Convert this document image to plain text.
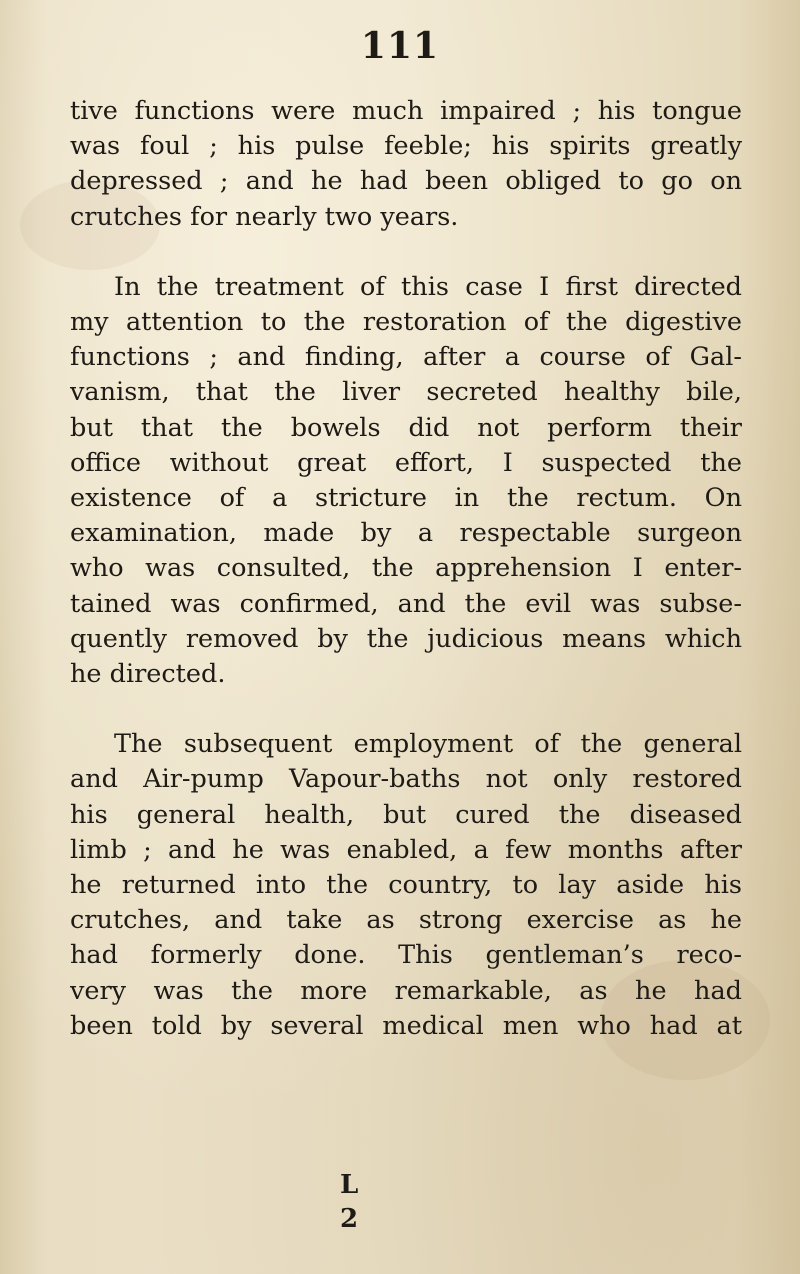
111

tive functions were much impaired ; his tongue
was foul ; his pulse feeble; his spirits greatly
depressed ; and he had been obliged to go on
crutches for nearly two years.

In the treatment of this case I first directed
my attention to the restoration of the digestive
functions ; and finding, after a course of Gal-
vanism, that the liver secreted healthy bile,
but that the bowels did not perform their
office without great effort, I suspected the
existence of a stricture in the rectum. On
examination, made by a respectable surgeon
who was consulted, the apprehension I enter-
tained was confirmed, and the evil was subse-
quently removed by the judicious means which
he directed.

The subsequent employment of the general
and Air-pump Vapour-baths not only restored
his general health, but cured the diseased
limb ; and he was enabled, a few months after
he returned into the country, to lay aside his
crutches, and take as strong exercise as he
had formerly done. This gentleman’s reco-
very was the more remarkable, as he had
been told by several medical men who had at

L 2
